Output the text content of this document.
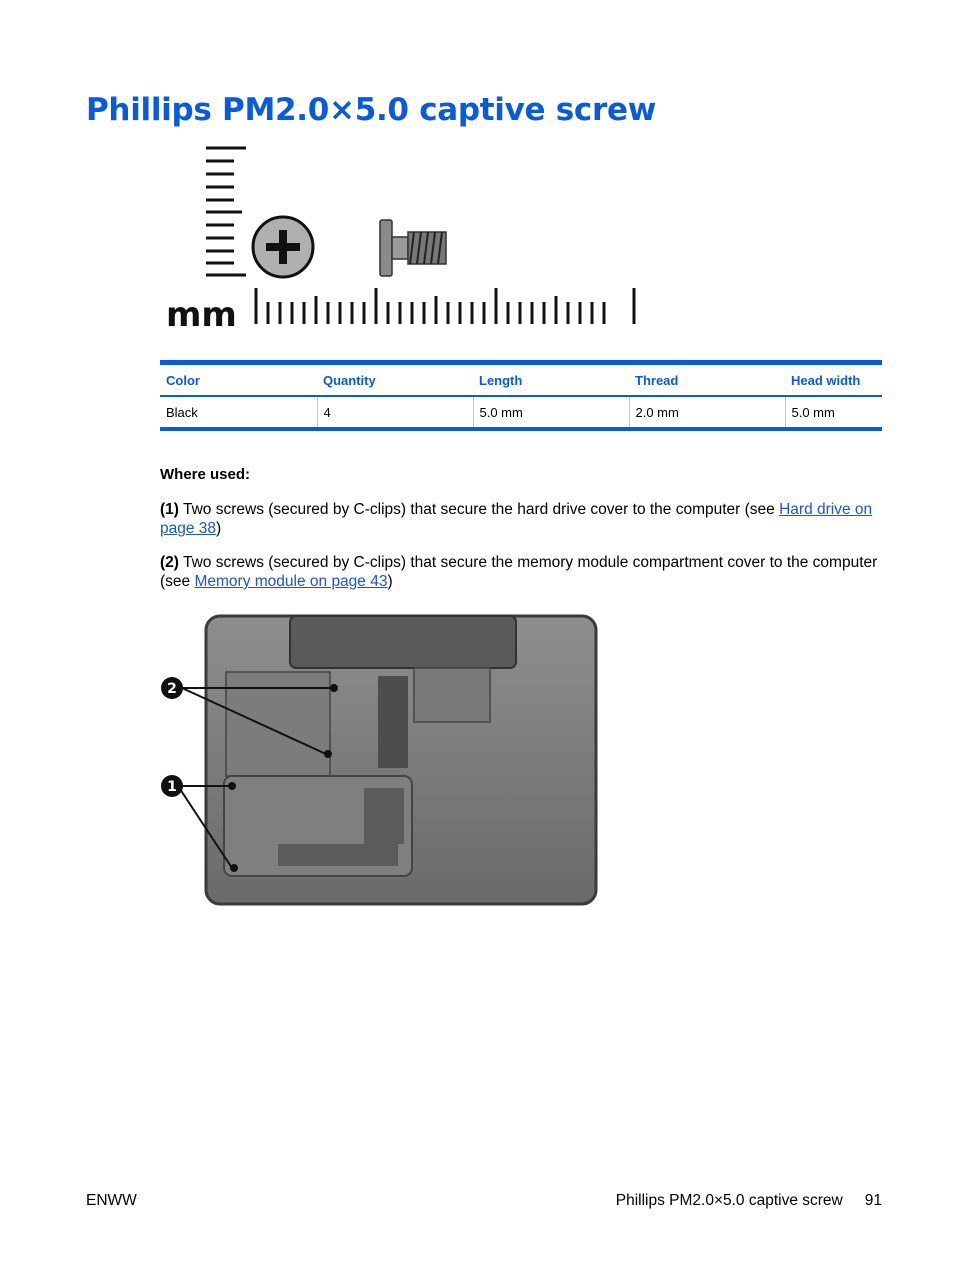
Phillips PM2.0×5.0 captive screw
mm
Color	Quantity	Length	Thread	Head width
Black	4	5.0 mm	2.0 mm	5.0 mm

Where used:

(1) Two screws (secured by C-clips) that secure the hard drive cover to the computer (see Hard drive on page 38)

(2) Two screws (secured by C-clips) that secure the memory module compartment cover to the computer (see Memory module on page 43)

2
1
ENWW	Phillips PM2.0×5.0 captive screw 91
